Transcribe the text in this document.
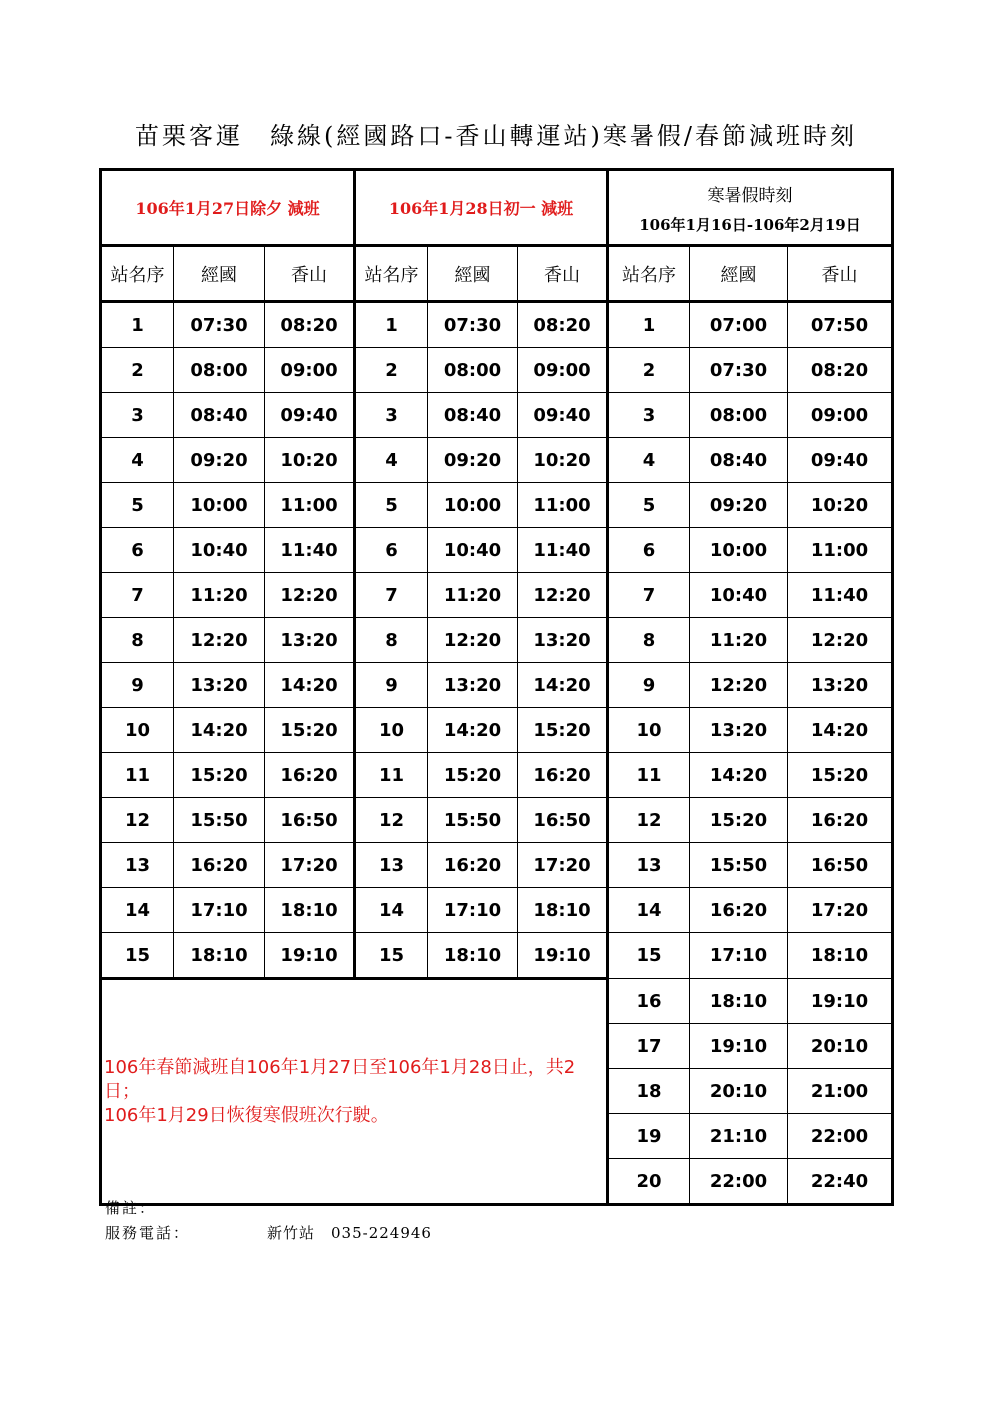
苗栗客運　綠線(經國路口-香山轉運站)寒暑假/春節減班時刻
106年1月27日除夕 減班			106年1月28日初一 減班			寒暑假時刻
106年1月16日-106年2月19日		

站名序	經國	香山	站名序	經國	香山	站名序	經國	香山
1	07:30	08:20	1	07:30	08:20	1	07:00	07:50
2	08:00	09:00	2	08:00	09:00	2	07:30	08:20
3	08:40	09:40	3	08:40	09:40	3	08:00	09:00
4	09:20	10:20	4	09:20	10:20	4	08:40	09:40
5	10:00	11:00	5	10:00	11:00	5	09:20	10:20
6	10:40	11:40	6	10:40	11:40	6	10:00	11:00
7	11:20	12:20	7	11:20	12:20	7	10:40	11:40
8	12:20	13:20	8	12:20	13:20	8	11:20	12:20
9	13:20	14:20	9	13:20	14:20	9	12:20	13:20
10	14:20	15:20	10	14:20	15:20	10	13:20	14:20
11	15:20	16:20	11	15:20	16:20	11	14:20	15:20
12	15:50	16:50	12	15:50	16:50	12	15:20	16:20
13	16:20	17:20	13	16:20	17:20	13	15:50	16:50
14	17:10	18:10	14	17:10	18:10	14	16:20	17:20
15	18:10	19:10	15	18:10	19:10	15	17:10	18:10

106年春節減班自106年1月27日至106年1月28日止，共2日；
106年1月29日恢復寒假班次行駛。						16	18:10	19:10
						17	19:10	20:10
						18	20:10	21:00
						19	21:10	22:00
						20	22:00	22:40
備註：
服務電話：	新竹站　035-224946
